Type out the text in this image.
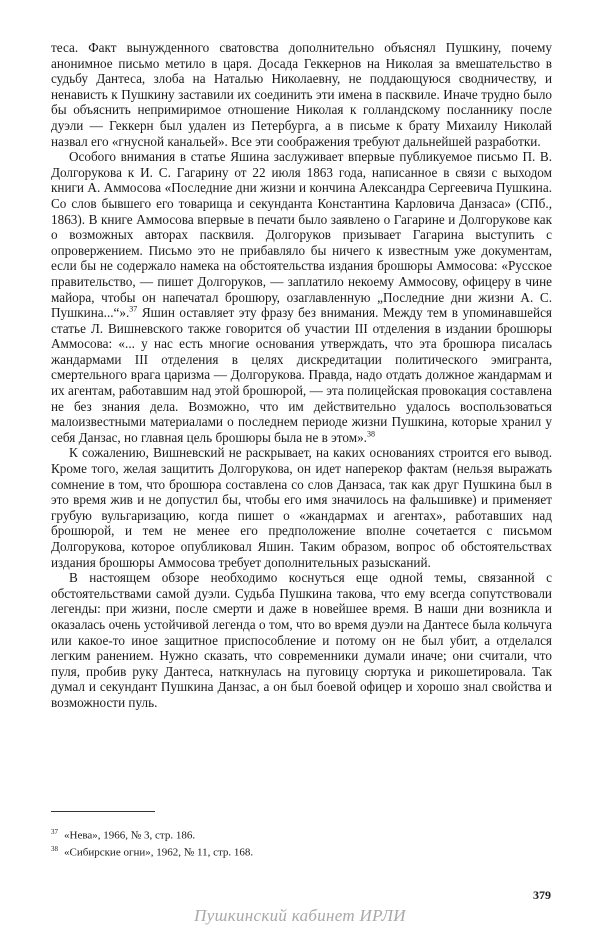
теса. Факт вынужденного сватовства дополнительно объяснял Пушкину, почему анонимное письмо метило в царя. Досада Геккернов на Николая за вмешательство в судьбу Дантеса, злоба на Наталью Николаевну, не поддающуюся сводничеству, и ненависть к Пушкину заставили их соединить эти имена в пасквиле. Иначе трудно было бы объяснить непримиримое отношение Николая к голландскому посланнику после дуэли — Геккерн был удален из Петербурга, а в письме к брату Михаилу Николай назвал его «гнусной канальей». Все эти соображения требуют дальнейшей разработки.

Особого внимания в статье Яшина заслуживает впервые публикуемое письмо П. В. Долгорукова к И. С. Гагарину от 22 июля 1863 года, написанное в связи с выходом книги А. Аммосова «Последние дни жизни и кончина Александра Сергеевича Пушкина. Со слов бывшего его товарища и секунданта Константина Карловича Данзаса» (СПб., 1863). В книге Аммосова впервые в печати было заявлено о Гагарине и Долгорукове как о возможных авторах пасквиля. Долгоруков призывает Гагарина выступить с опровержением. Письмо это не прибавляло бы ничего к известным уже документам, если бы не содержало намека на обстоятельства издания брошюры Аммосова: «Русское правительство, — пишет Долгоруков, — заплатило некоему Аммосову, офицеру в чине майора, чтобы он напечатал брошюру, озаглавленную „Последние дни жизни А. С. Пушкина...“».$^{37}$ Яшин оставляет эту фразу без внимания. Между тем в упоминавшейся статье Л. Вишневского также говорится об участии III отделения в издании брошюры Аммосова: «... у нас есть многие основания утверждать, что эта брошюра писалась жандармами III отделения в целях дискредитации политического эмигранта, смертельного врага царизма — Долгорукова. Правда, надо отдать должное жандармам и их агентам, работавшим над этой брошюрой, — эта полицейская провокация составлена не без знания дела. Возможно, что им действительно удалось воспользоваться малоизвестными материалами о последнем периоде жизни Пушкина, которые хранил у себя Данзас, но главная цель брошюры была не в этом».$^{38}$

К сожалению, Вишневский не раскрывает, на каких основаниях строится его вывод. Кроме того, желая защитить Долгорукова, он идет наперекор фактам (нельзя выражать сомнение в том, что брошюра составлена со слов Данзаса, так как друг Пушкина был в это время жив и не допустил бы, чтобы его имя значилось на фальшивке) и применяет грубую вульгаризацию, когда пишет о «жандармах и агентах», работавших над брошюрой, и тем не менее его предположение вполне сочетается с письмом Долгорукова, которое опубликовал Яшин. Таким образом, вопрос об обстоятельствах издания брошюры Аммосова требует дополнительных разысканий.

В настоящем обзоре необходимо коснуться еще одной темы, связанной с обстоятельствами самой дуэли. Судьба Пушкина такова, что ему всегда сопутствовали легенды: при жизни, после смерти и даже в новейшее время. В наши дни возникла и оказалась очень устойчивой легенда о том, что во время дуэли на Дантесе была кольчуга или какое-то иное защитное приспособление и потому он не был убит, а отделался легким ранением. Нужно сказать, что современники думали иначе; они считали, что пуля, пробив руку Дантеса, наткнулась на пуговицу сюртука и рикошетировала. Так думал и секундант Пушкина Данзас, а он был боевой офицер и хорошо знал свойства и возможности пуль.

$^{37}$ «Нева», 1966, № 3, стр. 186.
$^{38}$ «Сибирские огни», 1962, № 11, стр. 168.
379
Пушкинский кабинет ИРЛИ
